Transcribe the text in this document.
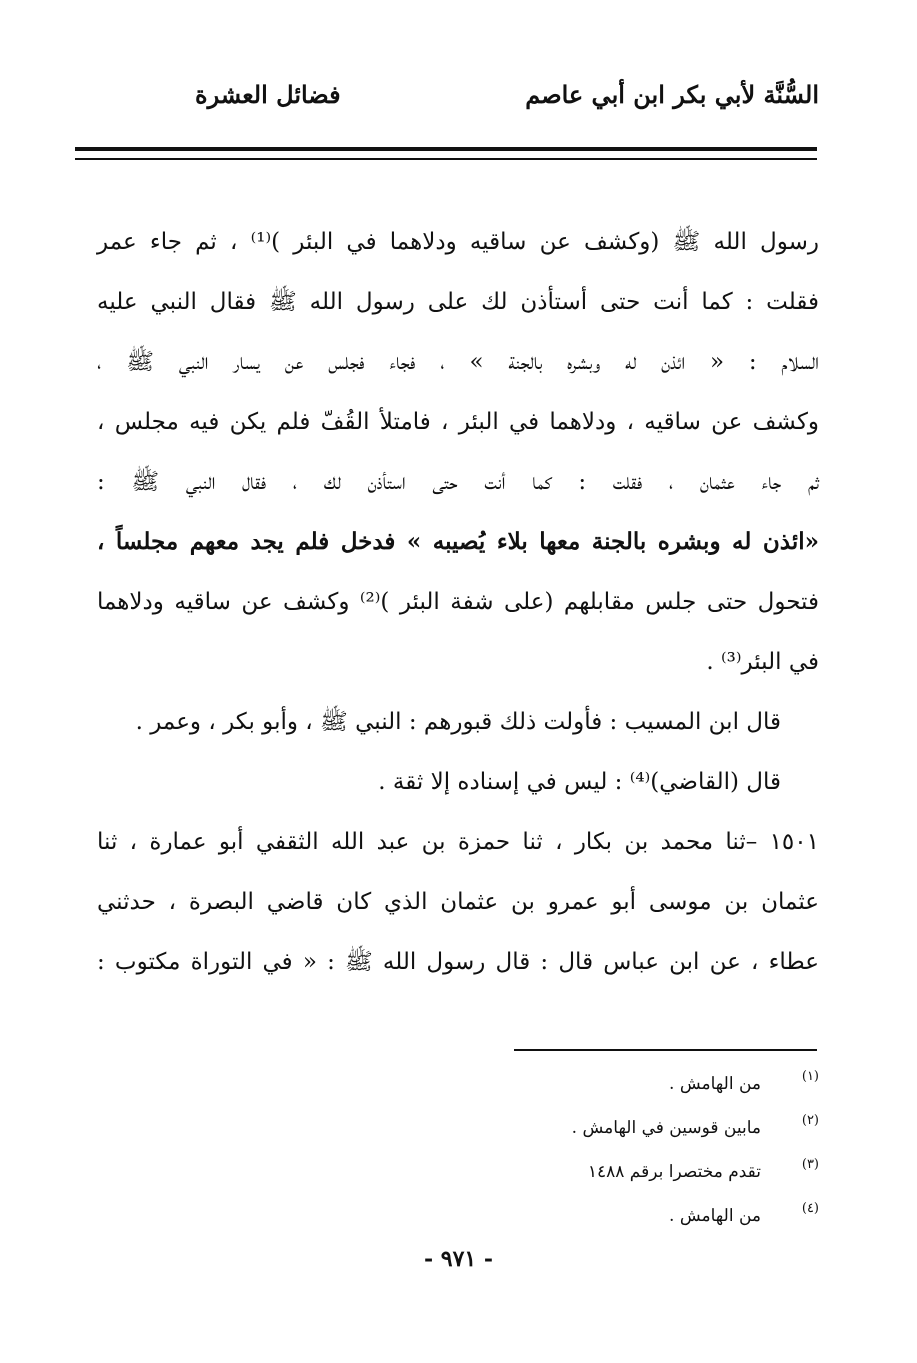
السُّنَّة لأبي بكر ابن أبي عاصم
فضائل العشرة
رسول الله ﷺ (وكشف عن ساقيه ودلاهما في البئر )⁽¹⁾ ، ثم جاء عمر
فقلت : كما أنت حتى أستأذن لك على رسول الله ﷺ فقال النبي عليه
السلام : « ائذن له وبشره بالجنة » ، فجاء فجلس عن يسار النبي ﷺ ،
وكشف عن ساقيه ، ودلاهما في البئر ، فامتلأ القُفّ فلم يكن فيه مجلس ،
ثم جاء عثمان ، فقلت : كما أنت حتى استأذن لك ، فقال النبي ﷺ :
«ائذن له وبشره بالجنة معها بلاء يُصيبه » فدخل فلم يجد معهم مجلساً ،
فتحول حتى جلس مقابلهم (على شفة البئر )⁽²⁾ وكشف عن ساقيه ودلاهما
في البئر⁽³⁾ .
قال ابن المسيب : فأولت ذلك قبورهم : النبي ﷺ ، وأبو بكر ، وعمر .
قال (القاضي)⁽⁴⁾ : ليس في إسناده إلا ثقة .
١٥٠١ –ثنا محمد بن بكار ، ثنا حمزة بن عبد الله الثقفي أبو عمارة ، ثنا
عثمان بن موسى أبو عمرو بن عثمان الذي كان قاضي البصرة ، حدثني
عطاء ، عن ابن عباس قال : قال رسول الله ﷺ : « في التوراة مكتوب :
(١)من الهامش .
(٢)مابين قوسين في الهامش .
(٣)تقدم مختصرا برقم ١٤٨٨
(٤)من الهامش .
- ٩٧١ -
